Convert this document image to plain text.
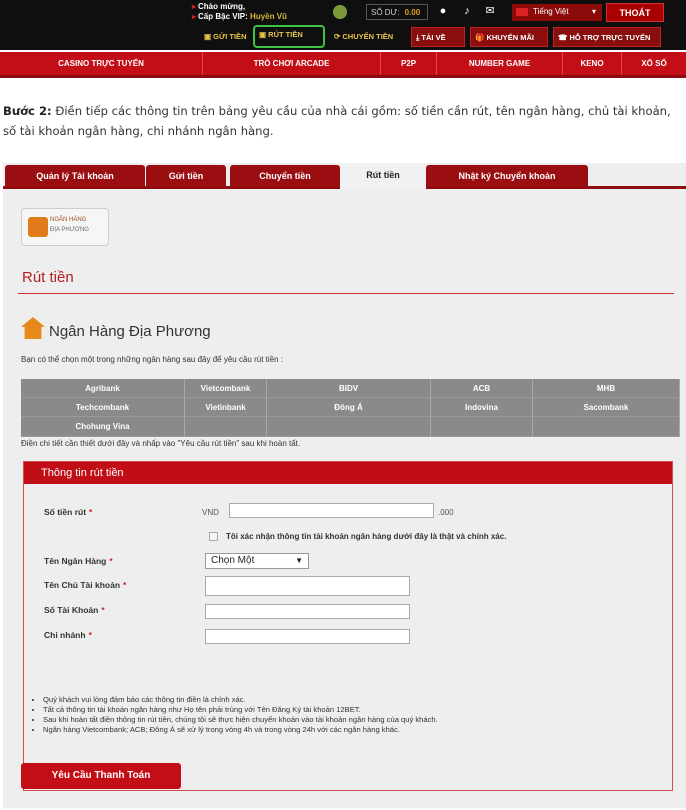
▸ Chào mừng,
▸ Cấp Bậc VIP: Huyền Vũ	SỐ DƯ: 0.00	●	♪	✉	Tiếng Việt	▾	THOÁT
▣ GỬI TIỀN	▣ RÚT TIỀN	⟳ CHUYỂN TIỀN	⤓ TẢI VỀ	🎁 KHUYẾN MÃI	☎ HỖ TRỢ TRỰC TUYẾN
CASINO TRỰC TUYẾN	TRÒ CHƠI ARCADE	P2P	NUMBER GAME	KENO	XỔ SỐ
Bước 2: Điền tiếp các thông tin trên bảng yêu cầu của nhà cái gồm: số tiền cần rút, tên ngân hàng, chủ tài khoản, số tài khoản ngân hàng, chi nhánh ngân hàng.
Quản lý Tài khoản	Gửi tiền	Chuyển tiền	Rút tiền	Nhật ký Chuyển khoản
NGÂN HÀNG
ĐỊA PHƯƠNG
Rút tiền
Ngân Hàng Địa Phương
Bạn có thể chọn một trong những ngân hàng sau đây để yêu cầu rút tiền :
Agribank	Vietcombank	BIDV	ACB	MHB
Techcombank	Vietinbank	Đông Á	Indovina	Sacombank
Chohung Vina
Điền chi tiết cần thiết dưới đây và nhấp vào "Yêu cầu rút tiền" sau khi hoàn tất.
Thông tin rút tiền
Số tiền rút *	VND	.000
Tôi xác nhận thông tin tài khoản ngân hàng dưới đây là thật và chính xác.
Tên Ngân Hàng *	Chọn Một	▼
Tên Chủ Tài khoản *
Số Tài Khoản *
Chi nhánh *
• Quý khách vui lòng đảm bảo các thông tin điền là chính xác.
• Tất cả thông tin tài khoản ngân hàng như Họ tên phải trùng với Tên Đăng Ký tài khoản 12BET.
• Sau khi hoàn tất điền thông tin rút tiền, chúng tôi sẽ thực hiện chuyển khoản vào tài khoản ngân hàng của quý khách.
• Ngân hàng Vietcombank; ACB; Đông Á sẽ xử lý trong vòng 4h và trong vòng 24h với các ngân hàng khác.
Yêu Cầu Thanh Toán
